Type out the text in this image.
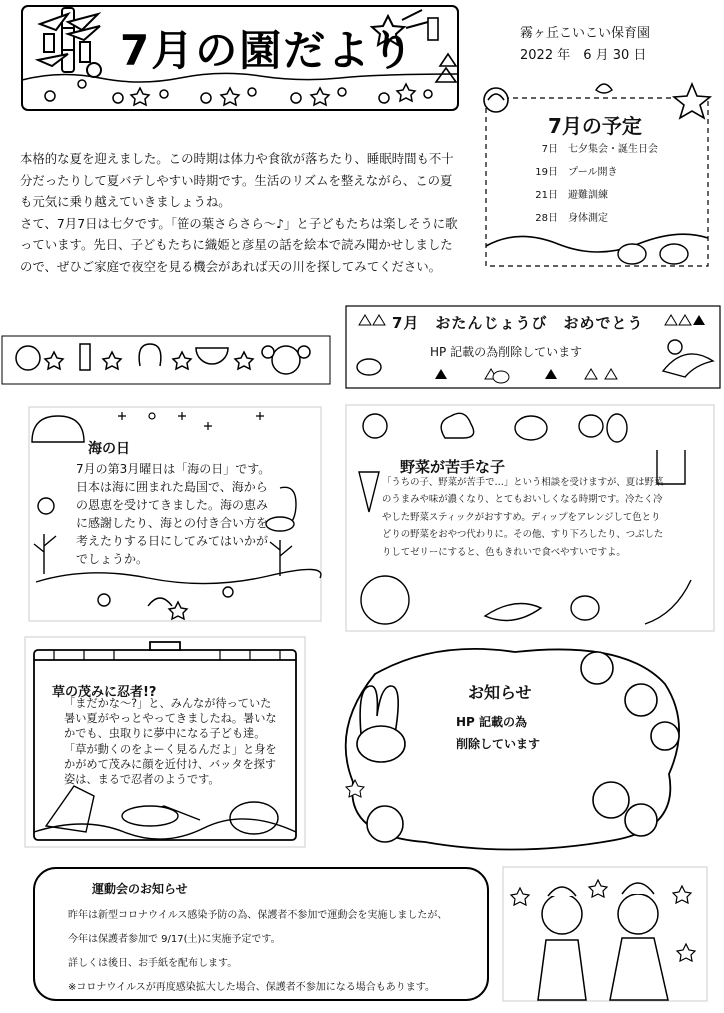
7月の園だより	霧ヶ丘こいこい保育園
2022 年　6 月 30 日
7月の予定
7日 七夕集会・誕生日会
19日 プール開き
21日 避難訓練
28日 身体測定

本格的な夏を迎えました。この時期は体力や食欲が落ちたり、睡眠時間も不十分だったりして夏バテしやすい時期です。生活のリズムを整えながら、この夏も元気に乗り越えていきましょうね。

さて、7月7日は七夕です。「笹の葉さらさら〜♪」と子どもたちは楽しそうに歌っています。先日、子どもたちに織姫と彦星の話を絵本で読み聞かせしましたので、ぜひご家庭で夜空を見る機会があれば天の川を探してみてください。

7月　おたんじょうび　おめでとう
HP 記載の為削除しています
海の日
7月の第3月曜日は「海の日」です。日本は海に囲まれた島国で、海からの恩恵を受けてきました。海の恵みに感謝したり、海との付き合い方を考えたりする日にしてみてはいかがでしょうか。
野菜が苦手な子
「うちの子、野菜が苦手で…」という相談を受けますが、夏は野菜のうまみや味が濃くなり、とてもおいしくなる時期です。冷たく冷やした野菜スティックがおすすめ。ディップをアレンジして色とりどりの野菜をおやつ代わりに。その他、すり下ろしたり、つぶしたりしてゼリーにすると、色もきれいで食べやすいですよ。
草の茂みに忍者!?
「まだかな〜?」と、みんなが待っていた暑い夏がやっとやってきましたね。暑いなかでも、虫取りに夢中になる子ども達。「草が動くのをよーく見るんだよ」と身をかがめて茂みに顔を近付け、バッタを探す姿は、まるで忍者のようです。
お知らせ
HP 記載の為
削除しています
運動会のお知らせ
昨年は新型コロナウイルス感染予防の為、保護者不参加で運動会を実施しましたが、
今年は保護者参加で 9/17(土)に実施予定です。
詳しくは後日、お手紙を配布します。
※コロナウイルスが再度感染拡大した場合、保護者不参加になる場合もあります。
